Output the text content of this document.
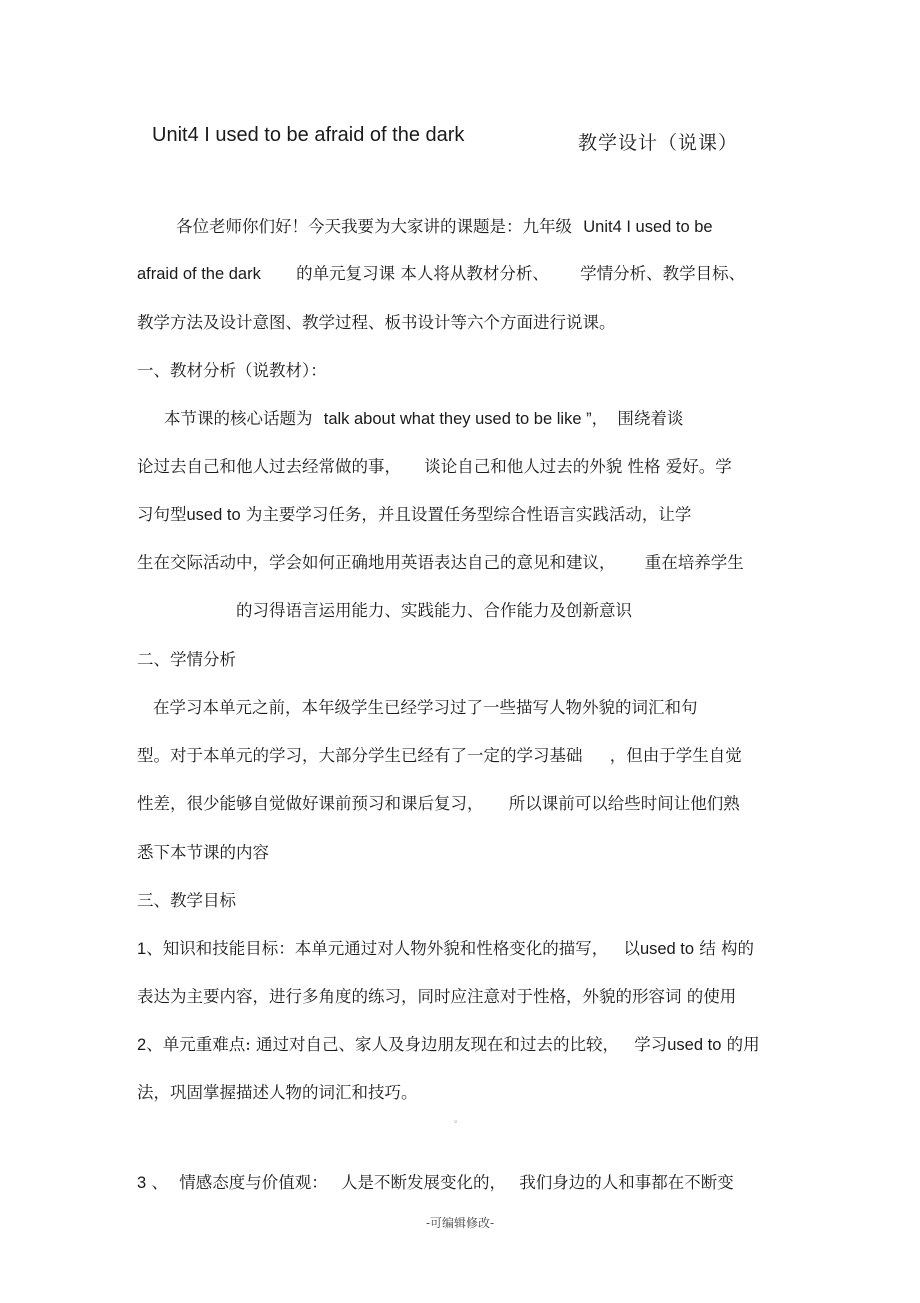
Unit4 I used to be afraid of the dark	教学设计（说课）
各位老师你们好！今天我要为大家讲的课题是：九年级 Unit4 I used to be
afraid of the dark 的单元复习课 本人将从教材分析、 学情分析、教学目标、
教学方法及设计意图、教学过程、板书设计等六个方面进行说课。
一、教材分析（说教材）：
本节课的核心话题为 talk about what they used to be like ”， 围绕着谈
论过去自己和他人过去经常做的事， 谈论自己和他人过去的外貌 性格 爱好。学
习句型used to 为主要学习任务，并且设置任务型综合性语言实践活动，让学
生在交际活动中，学会如何正确地用英语表达自己的意见和建议， 重在培养学生
的习得语言运用能力、实践能力、合作能力及创新意识
二、学情分析
在学习本单元之前，本年级学生已经学习过了一些描写人物外貌的词汇和句
型。对于本单元的学习，大部分学生已经有了一定的学习基础 ，但由于学生自觉
性差，很少能够自觉做好课前预习和课后复习， 所以课前可以给些时间让他们熟
悉下本节课的内容
三、教学目标
1、知识和技能目标：本单元通过对人物外貌和性格变化的描写， 以used to 结 构的
表达为主要内容，进行多角度的练习，同时应注意对于性格，外貌的形容词 的使用
2、单元重难点: 通过对自己、家人及身边朋友现在和过去的比较， 学习used to 的用
法，巩固掌握描述人物的词汇和技巧。
。
3 、 情感态度与价值观： 人是不断发展变化的， 我们身边的人和事都在不断变
-可编辑修改-
